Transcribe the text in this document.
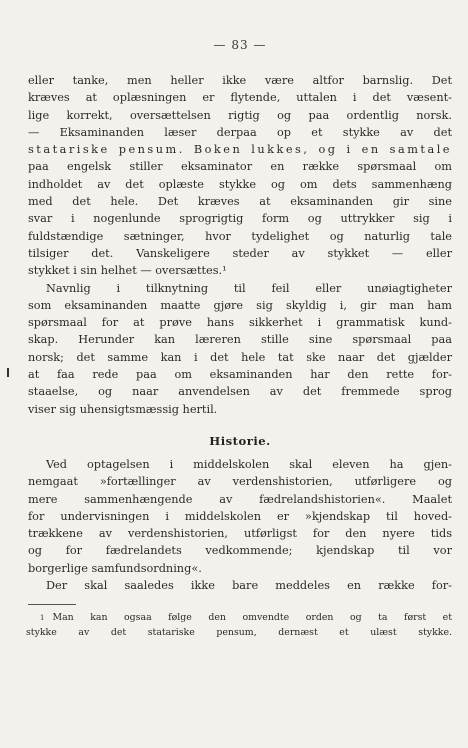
— 83 —

eller tanke, men heller ikke være altfor barnslig. Det

kræves at oplæsningen er flytende, uttalen i det væsent-

lige korrekt, oversættelsen rigtig og paa ordentlig norsk.

— Eksaminanden læser derpaa op et stykke av det

statariske pensum. Boken lukkes, og i en samtale

paa engelsk stiller eksaminator en række spørsmaal om

indholdet av det oplæste stykke og om dets sammenhæng

med det hele. Det kræves at eksaminanden gir sine

svar i nogenlunde sprogrigtig form og uttrykker sig i

fuldstændige sætninger, hvor tydelighet og naturlig tale

tilsiger det. Vanskeligere steder av stykket — eller

stykket i sin helhet — oversættes.¹

Navnlig i tilknytning til feil eller unøiagtigheter

som eksaminanden maatte gjøre sig skyldig i, gir man ham

spørsmaal for at prøve hans sikkerhet i grammatisk kund-

skap. Herunder kan læreren stille sine spørsmaal paa

norsk; det samme kan i det hele tat ske naar det gjælder

at faa rede paa om eksaminanden har den rette for-

staaelse, og naar anvendelsen av det fremmede sprog

viser sig uhensigtsmæssig hertil.

Historie.

Ved optagelsen i middelskolen skal eleven ha gjen-

nemgaat »fortællinger av verdenshistorien, utførligere og

mere sammenhængende av fædrelandshistorien«. Maalet

for undervisningen i middelskolen er »kjendskap til hoved-

trækkene av verdenshistorien, utførligst for den nyere tids

og for fædrelandets vedkommende; kjendskap til vor

borgerlige samfundsordning«.

Der skal saaledes ikke bare meddeles en række for-

$^1$ Man kan ogsaa følge den omvendte orden og ta først et

stykke av det statariske pensum, dernæst et ulæst stykke.
